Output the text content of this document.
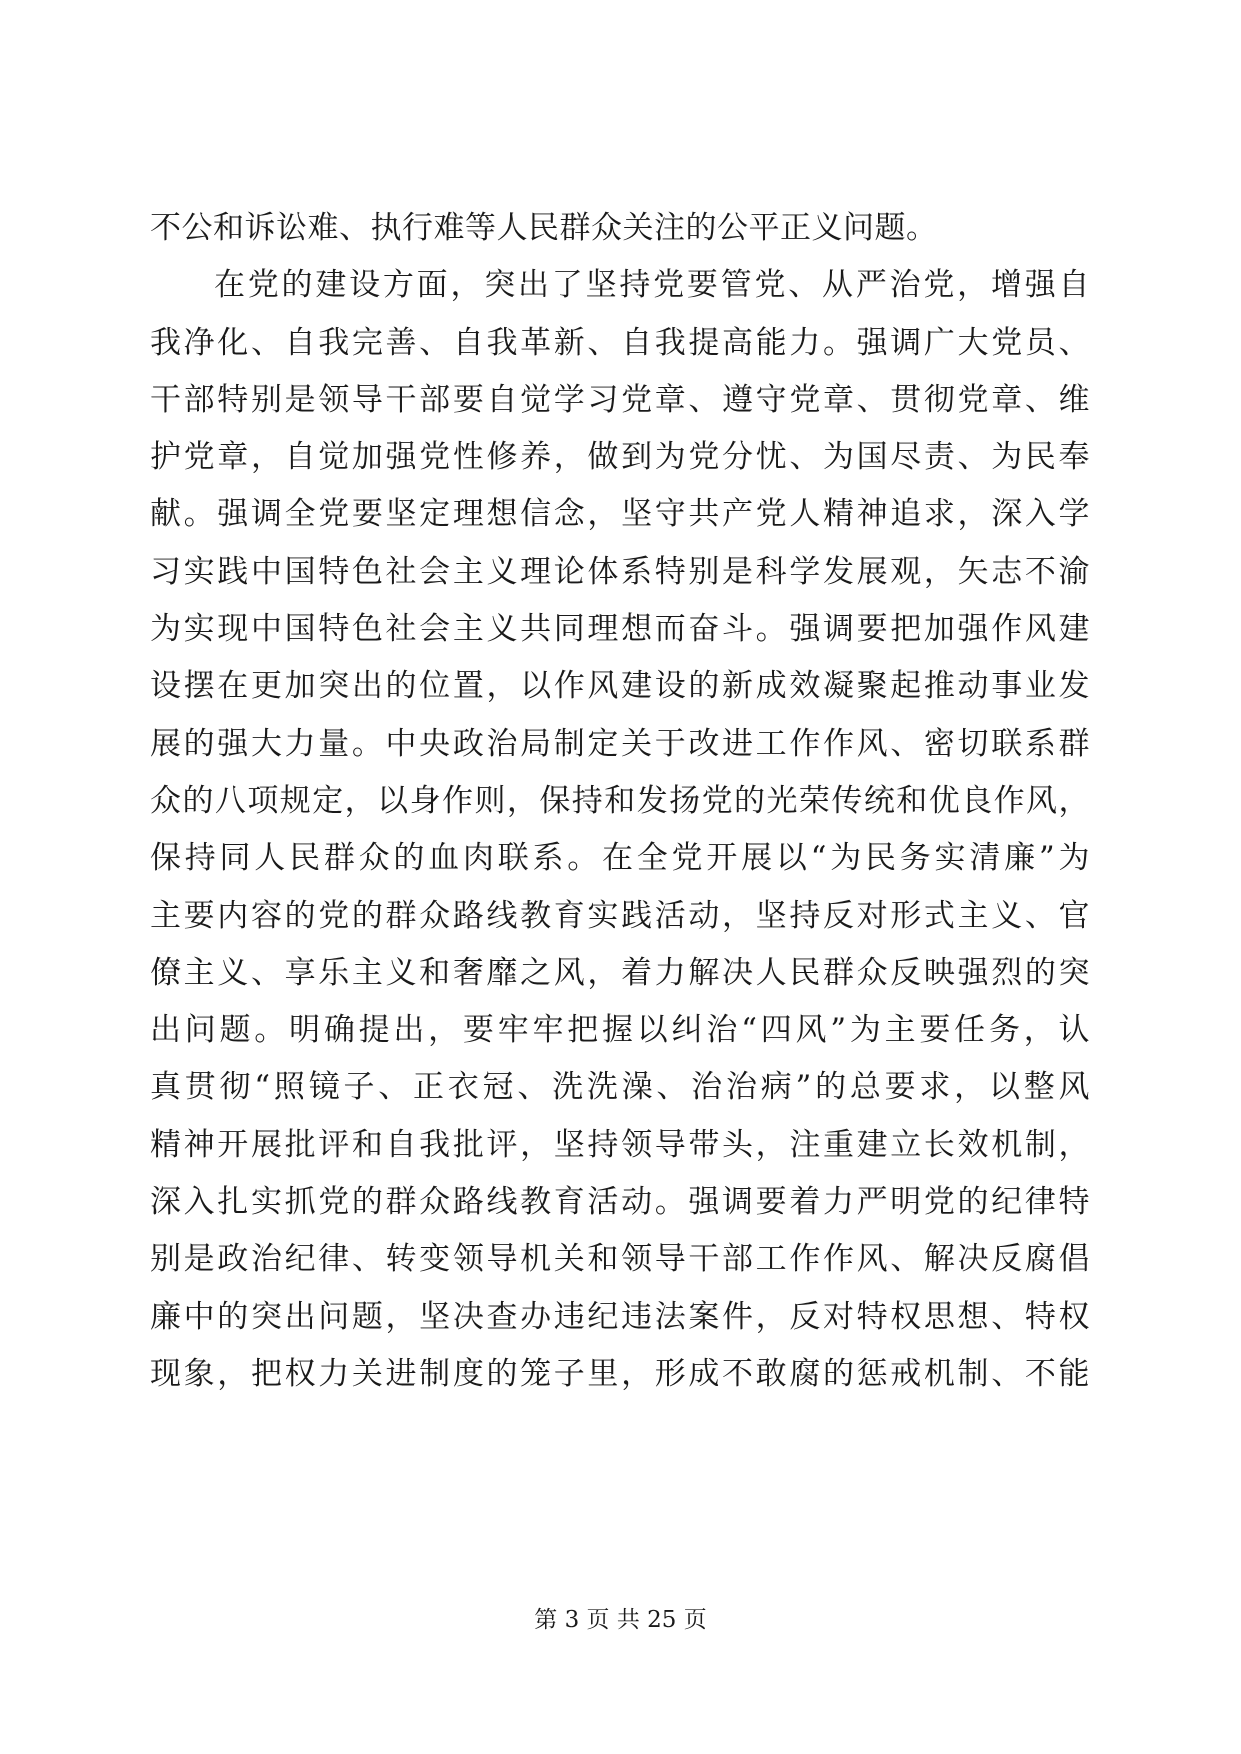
不公和诉讼难、执行难等人民群众关注的公平正义问题。
在党的建设方面，突出了坚持党要管党、从严治党，增强自
我净化、自我完善、自我革新、自我提高能力。强调广大党员、
干部特别是领导干部要自觉学习党章、遵守党章、贯彻党章、维
护党章，自觉加强党性修养，做到为党分忧、为国尽责、为民奉
献。强调全党要坚定理想信念，坚守共产党人精神追求，深入学
习实践中国特色社会主义理论体系特别是科学发展观，矢志不渝
为实现中国特色社会主义共同理想而奋斗。强调要把加强作风建
设摆在更加突出的位置，以作风建设的新成效凝聚起推动事业发
展的强大力量。中央政治局制定关于改进工作作风、密切联系群
众的八项规定，以身作则，保持和发扬党的光荣传统和优良作风，
保持同人民群众的血肉联系。在全党开展以“为民务实清廉”为
主要内容的党的群众路线教育实践活动，坚持反对形式主义、官
僚主义、享乐主义和奢靡之风，着力解决人民群众反映强烈的突
出问题。明确提出，要牢牢把握以纠治“四风”为主要任务，认
真贯彻“照镜子、正衣冠、洗洗澡、治治病”的总要求，以整风
精神开展批评和自我批评，坚持领导带头，注重建立长效机制，
深入扎实抓党的群众路线教育活动。强调要着力严明党的纪律特
别是政治纪律、转变领导机关和领导干部工作作风、解决反腐倡
廉中的突出问题，坚决查办违纪违法案件，反对特权思想、特权
现象，把权力关进制度的笼子里，形成不敢腐的惩戒机制、不能
第 3 页 共 25 页
